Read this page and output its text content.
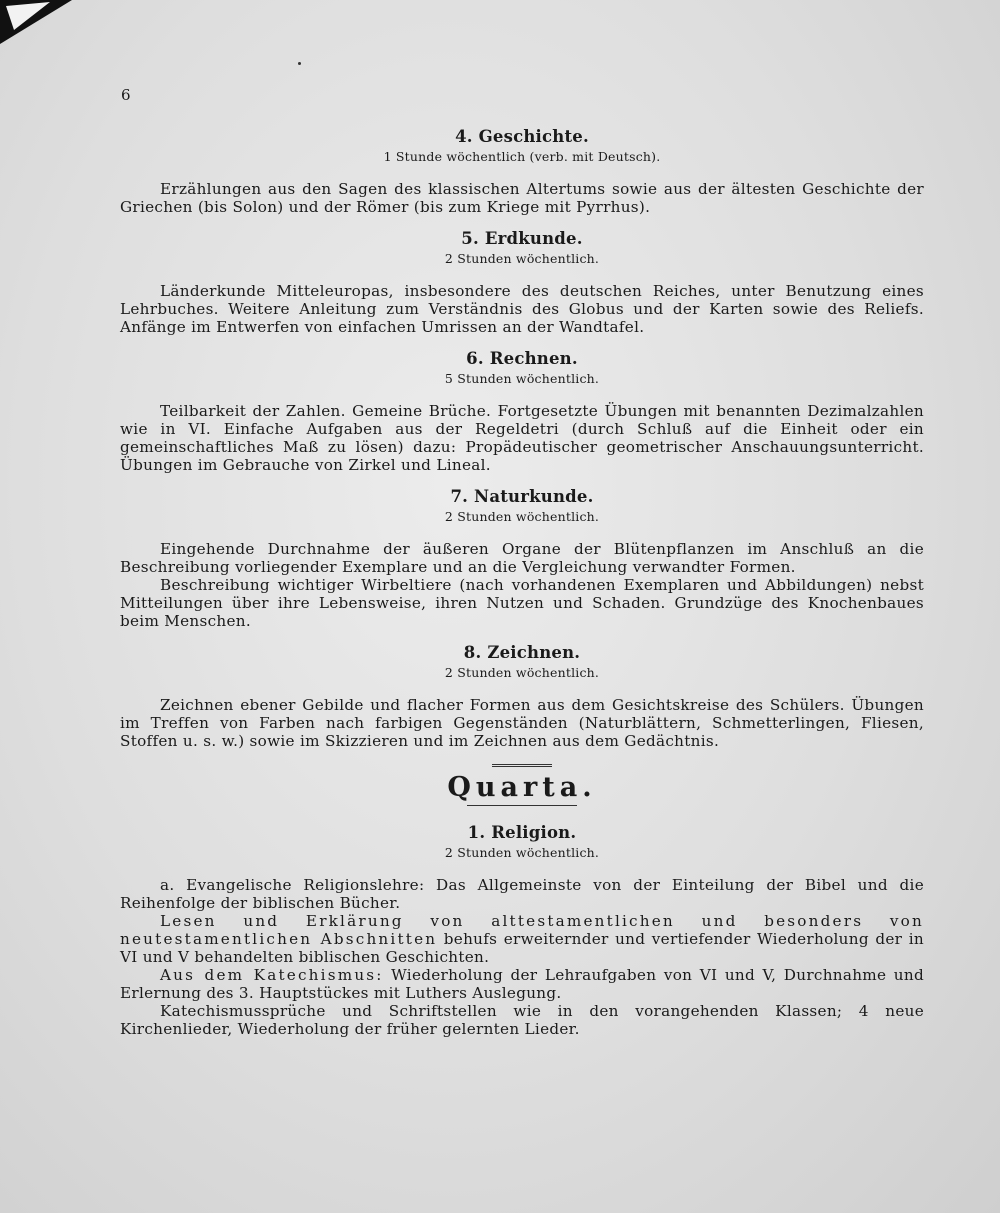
6
4. Geschichte.
1 Stunde wöchentlich (verb. mit Deutsch).

Erzählungen aus den Sagen des klassischen Altertums sowie aus der ältesten Geschichte der Griechen (bis Solon) und der Römer (bis zum Kriege mit Pyrrhus).

5. Erdkunde.
2 Stunden wöchentlich.

Länderkunde Mitteleuropas, insbesondere des deutschen Reiches, unter Benutzung eines Lehrbuches. Weitere Anleitung zum Verständnis des Globus und der Karten sowie des Reliefs. Anfänge im Entwerfen von einfachen Umrissen an der Wandtafel.

6. Rechnen.
5 Stunden wöchentlich.

Teilbarkeit der Zahlen. Gemeine Brüche. Fortgesetzte Übungen mit benannten Dezimalzahlen wie in VI. Einfache Aufgaben aus der Regeldetri (durch Schluß auf die Einheit oder ein gemeinschaftliches Maß zu lösen) dazu: Propädeutischer geometrischer Anschauungsunterricht. Übungen im Gebrauche von Zirkel und Lineal.

7. Naturkunde.
2 Stunden wöchentlich.

Eingehende Durchnahme der äußeren Organe der Blütenpflanzen im Anschluß an die Beschreibung vorliegender Exemplare und an die Vergleichung verwandter Formen.

Beschreibung wichtiger Wirbeltiere (nach vorhandenen Exemplaren und Abbildungen) nebst Mitteilungen über ihre Lebensweise, ihren Nutzen und Schaden. Grundzüge des Knochenbaues beim Menschen.

8. Zeichnen.
2 Stunden wöchentlich.

Zeichnen ebener Gebilde und flacher Formen aus dem Gesichtskreise des Schülers. Übungen im Treffen von Farben nach farbigen Gegenständen (Naturblättern, Schmetterlingen, Fliesen, Stoffen u. s. w.) sowie im Skizzieren und im Zeichnen aus dem Gedächtnis.

Quarta.
1. Religion.
2 Stunden wöchentlich.

a. Evangelische Religionslehre: Das Allgemeinste von der Einteilung der Bibel und die Reihenfolge der biblischen Bücher.

Lesen und Erklärung von alttestamentlichen und besonders von neutestamentlichen Abschnitten behufs erweiternder und vertiefender Wiederholung der in VI und V behandelten biblischen Geschichten.

Aus dem Katechismus: Wiederholung der Lehraufgaben von VI und V, Durchnahme und Erlernung des 3. Hauptstückes mit Luthers Auslegung.

Katechismussprüche und Schriftstellen wie in den vorangehenden Klassen; 4 neue Kirchenlieder, Wiederholung der früher gelernten Lieder.
